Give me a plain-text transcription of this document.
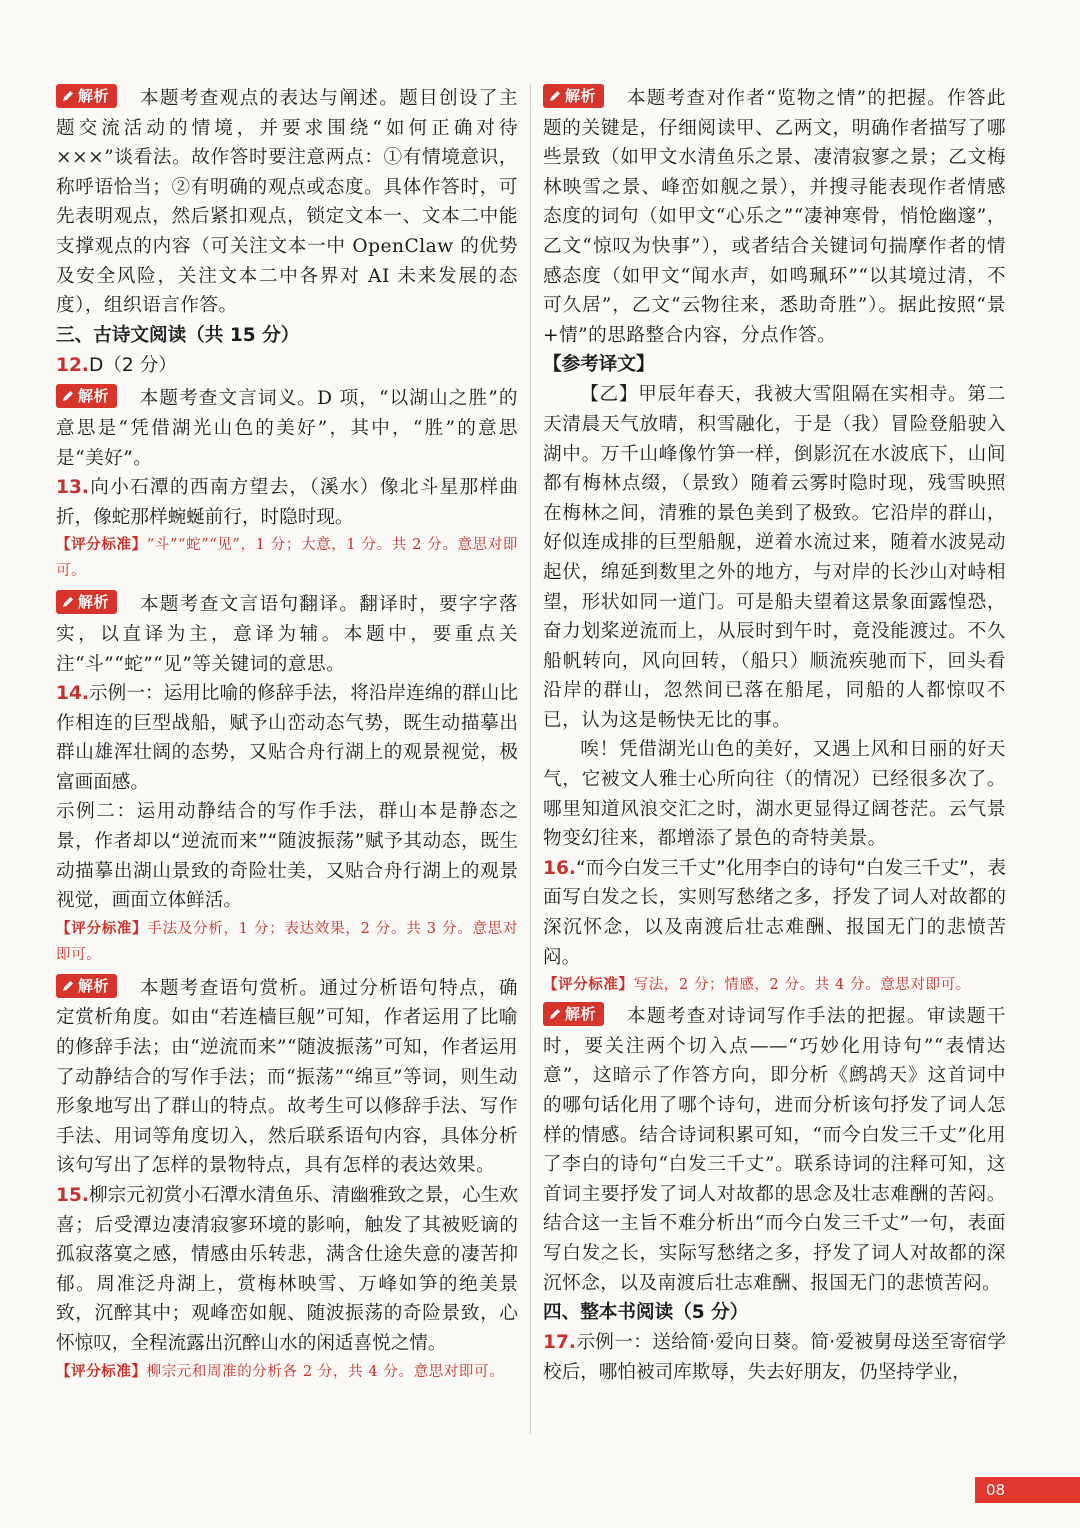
解析 本题考查观点的表达与阐述。题目创设了主题交流活动的情境，并要求围绕“如何正确对待×××”谈看法。故作答时要注意两点：①有情境意识，称呼语恰当；②有明确的观点或态度。具体作答时，可先表明观点，然后紧扣观点，锁定文本一、文本二中能支撑观点的内容（可关注文本一中 OpenClaw 的优势及安全风险，关注文本二中各界对 AI 未来发展的态度），组织语言作答。

三、古诗文阅读（共 15 分）

12.D（2 分）

解析 本题考查文言词义。D 项，“以湖山之胜”的意思是“凭借湖光山色的美好”，其中，“胜”的意思是“美好”。

13.向小石潭的西南方望去，（溪水）像北斗星那样曲折，像蛇那样蜿蜒前行，时隐时现。

【评分标准】“斗”“蛇”“见”，1 分；大意，1 分。共 2 分。意思对即可。

解析 本题考查文言语句翻译。翻译时，要字字落实，以直译为主，意译为辅。本题中，要重点关注“斗”“蛇”“见”等关键词的意思。

14.示例一：运用比喻的修辞手法，将沿岸连绵的群山比作相连的巨型战船，赋予山峦动态气势，既生动描摹出群山雄浑壮阔的态势，又贴合舟行湖上的观景视觉，极富画面感。

示例二：运用动静结合的写作手法，群山本是静态之景，作者却以“逆流而来”“随波振荡”赋予其动态，既生动描摹出湖山景致的奇险壮美，又贴合舟行湖上的观景视觉，画面立体鲜活。

【评分标准】手法及分析，1 分；表达效果，2 分。共 3 分。意思对即可。

解析 本题考查语句赏析。通过分析语句特点，确定赏析角度。如由“若连樯巨舰”可知，作者运用了比喻的修辞手法；由“逆流而来”“随波振荡”可知，作者运用了动静结合的写作手法；而“振荡”“绵亘”等词，则生动形象地写出了群山的特点。故考生可以修辞手法、写作手法、用词等角度切入，然后联系语句内容，具体分析该句写出了怎样的景物特点，具有怎样的表达效果。

15.柳宗元初赏小石潭水清鱼乐、清幽雅致之景，心生欢喜；后受潭边凄清寂寥环境的影响，触发了其被贬谪的孤寂落寞之感，情感由乐转悲，满含仕途失意的凄苦抑郁。周准泛舟湖上，赏梅林映雪、万峰如笋的绝美景致，沉醉其中；观峰峦如舰、随波振荡的奇险景致，心怀惊叹，全程流露出沉醉山水的闲适喜悦之情。

【评分标准】柳宗元和周准的分析各 2 分，共 4 分。意思对即可。

解析 本题考查对作者“览物之情”的把握。作答此题的关键是，仔细阅读甲、乙两文，明确作者描写了哪些景致（如甲文水清鱼乐之景、凄清寂寥之景；乙文梅林映雪之景、峰峦如舰之景），并搜寻能表现作者情感态度的词句（如甲文“心乐之”“凄神寒骨，悄怆幽邃”，乙文“惊叹为快事”），或者结合关键词句揣摩作者的情感态度（如甲文“闻水声，如鸣珮环”“以其境过清，不可久居”，乙文“云物往来，悉助奇胜”）。据此按照“景+情”的思路整合内容，分点作答。

【参考译文】

【乙】甲辰年春天，我被大雪阻隔在实相寺。第二天清晨天气放晴，积雪融化，于是（我）冒险登船驶入湖中。万千山峰像竹笋一样，倒影沉在水波底下，山间都有梅林点缀，（景致）随着云雾时隐时现，残雪映照在梅林之间，清雅的景色美到了极致。它沿岸的群山，好似连成排的巨型船舰，逆着水流过来，随着水波晃动起伏，绵延到数里之外的地方，与对岸的长沙山对峙相望，形状如同一道门。可是船夫望着这景象面露惶恐，奋力划桨逆流而上，从辰时到午时，竟没能渡过。不久船帆转向，风向回转，（船只）顺流疾驰而下，回头看沿岸的群山，忽然间已落在船尾，同船的人都惊叹不已，认为这是畅快无比的事。

唉！凭借湖光山色的美好，又遇上风和日丽的好天气，它被文人雅士心所向往（的情况）已经很多次了。哪里知道风浪交汇之时，湖水更显得辽阔苍茫。云气景物变幻往来，都增添了景色的奇特美景。

16.“而今白发三千丈”化用李白的诗句“白发三千丈”，表面写白发之长，实则写愁绪之多，抒发了词人对故都的深沉怀念，以及南渡后壮志难酬、报国无门的悲愤苦闷。

【评分标准】写法，2 分；情感，2 分。共 4 分。意思对即可。

解析 本题考查对诗词写作手法的把握。审读题干时，要关注两个切入点——“巧妙化用诗句”“表情达意”，这暗示了作答方向，即分析《鹧鸪天》这首词中的哪句话化用了哪个诗句，进而分析该句抒发了词人怎样的情感。结合诗词积累可知，“而今白发三千丈”化用了李白的诗句“白发三千丈”。联系诗词的注释可知，这首词主要抒发了词人对故都的思念及壮志难酬的苦闷。结合这一主旨不难分析出“而今白发三千丈”一句，表面写白发之长，实际写愁绪之多，抒发了词人对故都的深沉怀念，以及南渡后壮志难酬、报国无门的悲愤苦闷。

四、整本书阅读（5 分）

17.示例一：送给简·爱向日葵。简·爱被舅母送至寄宿学校后，哪怕被司库欺辱，失去好朋友，仍坚持学业，

08
